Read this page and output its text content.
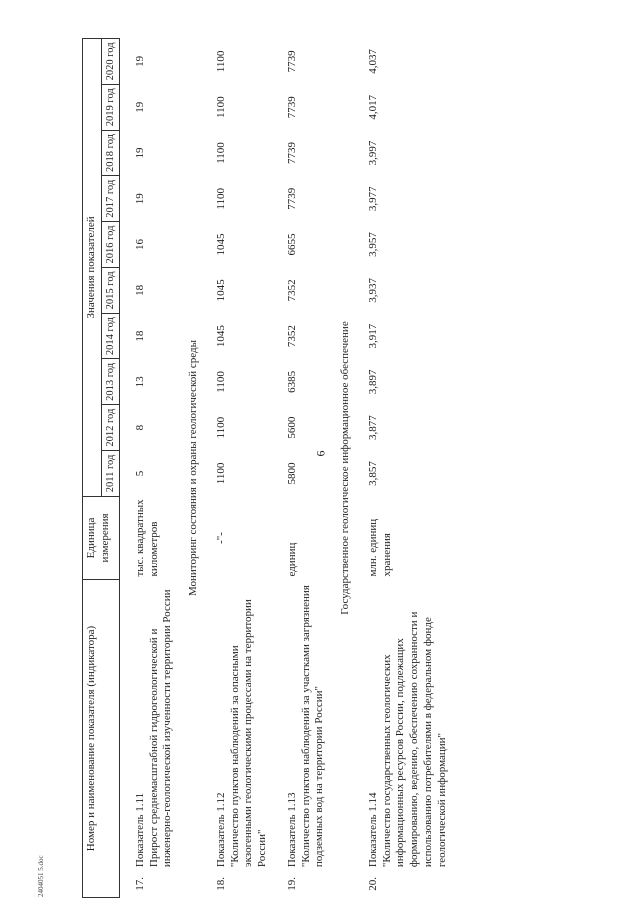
6
2404051 5.doc
Номер и наименование показателя (индикатора)		Единица измерения	Значения показателей									
			2011 год	2012 год	2013 год	2014 год	2015 год	2016 год	2017 год	2018 год	2019 год	2020 год
17.	Показатель 1.11 Прирост среднемасштабной гидрогеологической и инженерно-геологической изученности территории России	тыс. квадратных километров	5	8	13	18	18	16	19	19	19	19
Мониторинг состояния и охраны геологической среды												
18.	Показатель 1.12 "Количество пунктов наблюдений за опасными экзогенными геологическими процессами на территории России"	-"-	1100	1100	1100	1045	1045	1045	1100	1100	1100	1100
19.	Показатель 1.13 "Количество пунктов наблюдений за участками загрязнения подземных вод на территории России"	единиц	5800	5600	6385	7352	7352	6655	7739	7739	7739	7739
Государственное геологическое информационное обеспечение												
20.	Показатель 1.14 "Количество государственных геологических информационных ресурсов России, подлежащих формированию, ведению, обеспечению сохранности и использованию потребителями в федеральном фонде геологической информации"	млн. единиц хранения	3,857	3,877	3,897	3,917	3,937	3,957	3,977	3,997	4,017	4,037
